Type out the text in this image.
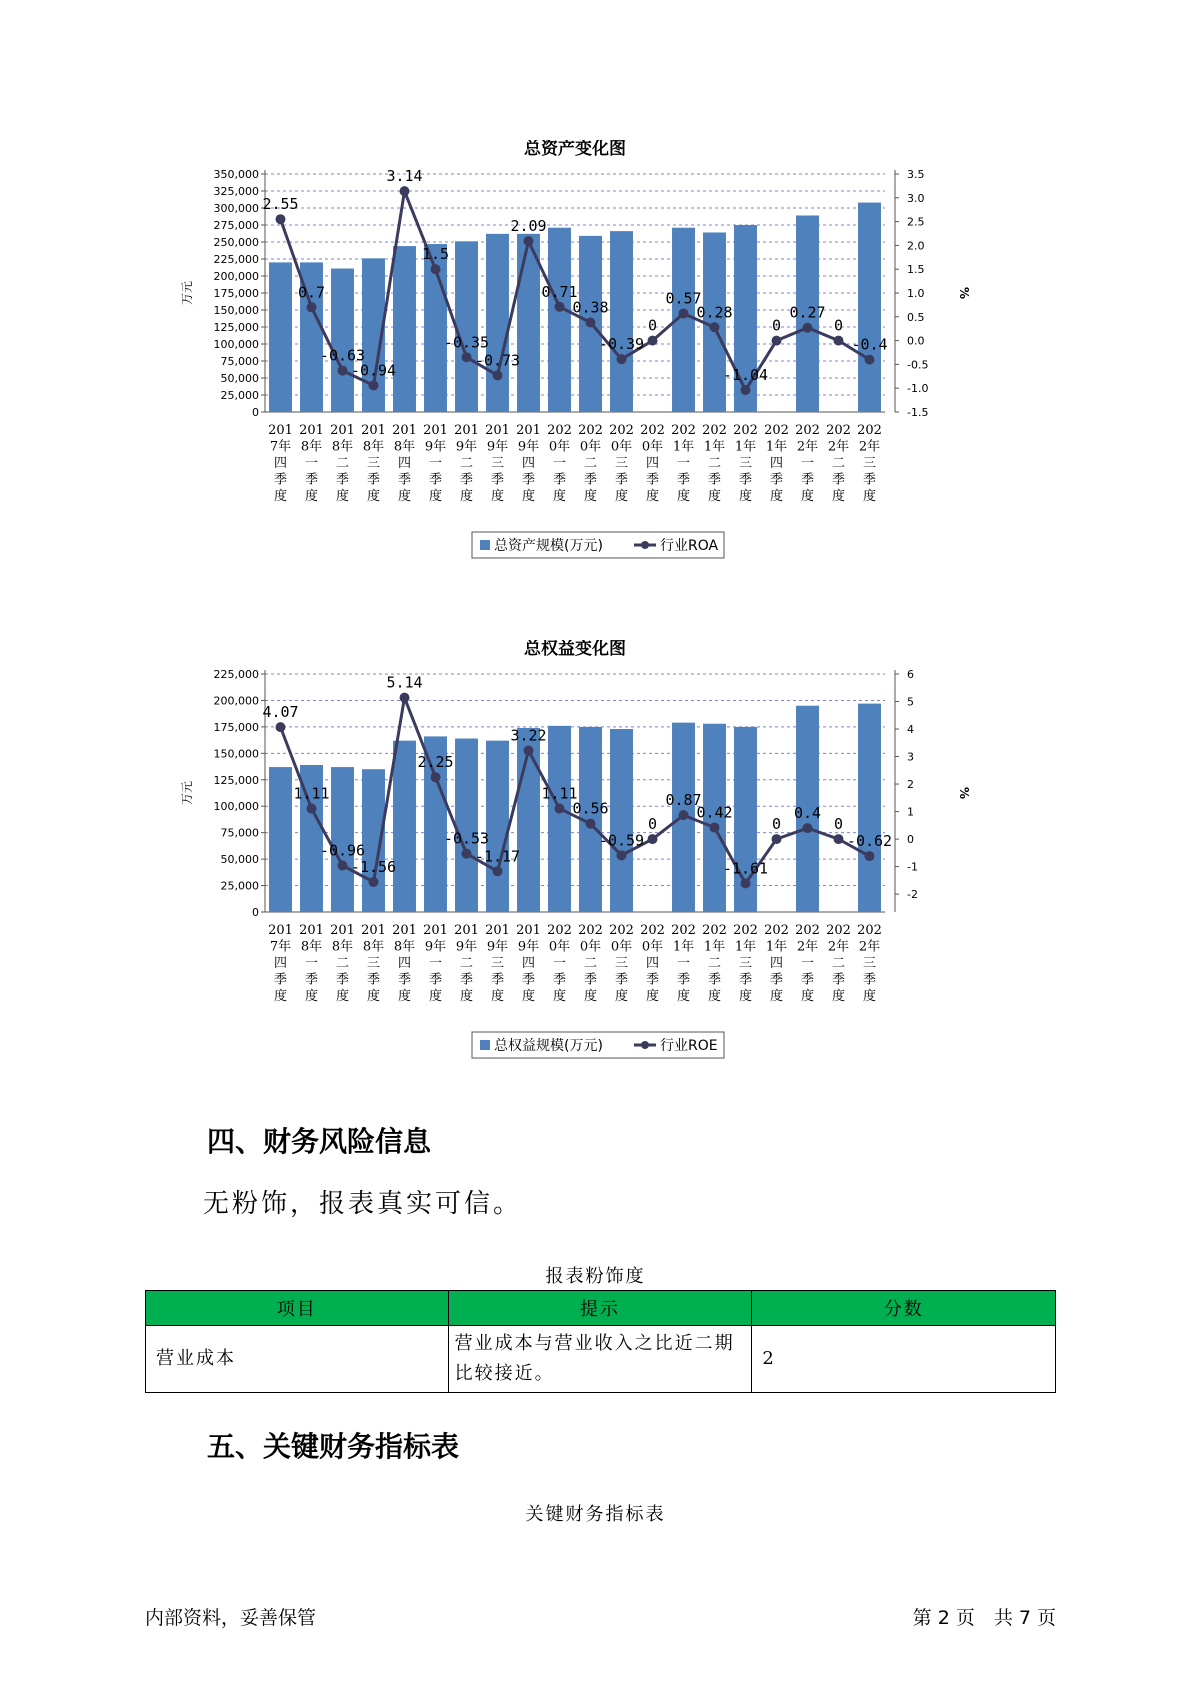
总资产变化图
0
25,000
50,000
75,000
100,000
125,000
150,000
175,000
200,000
225,000
250,000
275,000
300,000
325,000
350,000
-1.5
-1.0
-0.5
0.0
0.5
1.0
1.5
2.0
2.5
3.0
3.5
万元	%
2.55
0.7
-0.63
-0.94
3.14
1.5
-0.35
-0.73
2.09
0.71
0.38
-0.39
0
0.57
0.28
-1.04
0
0.27
0
-0.4
201 7年四季度
201 8年一季度
201 8年二季度
201 8年三季度
201 8年四季度
201 9年一季度
201 9年二季度
201 9年三季度
201 9年四季度
202 0年一季度
202 0年二季度
202 0年三季度
202 0年四季度
202 1年一季度
202 1年二季度
202 1年三季度
202 1年四季度
202 2年一季度
202 2年二季度
202 2年三季度
总资产规模(万元)	行业ROA
总权益变化图
0
25,000
50,000
75,000
100,000
125,000
150,000
175,000
200,000
225,000
-2
-1
0
1
2
3
4
5
6
万元	%
4.07
1.11
-0.96
-1.56
5.14
2.25
-0.53
-1.17
3.22
1.11
0.56
-0.59
0
0.87
0.42
-1.61
0
0.4
0
-0.62
201 7年四季度
201 8年一季度
201 8年二季度
201 8年三季度
201 8年四季度
201 9年一季度
201 9年二季度
201 9年三季度
201 9年四季度
202 0年一季度
202 0年二季度
202 0年三季度
202 0年四季度
202 1年一季度
202 1年二季度
202 1年三季度
202 1年四季度
202 2年一季度
202 2年二季度
202 2年三季度
总权益规模(万元)	行业ROE
四、财务风险信息

无粉饰，报表真实可信。

报表粉饰度

项目	提示	分数
营业成本	营业成本与营业收入之比近二期比较接近。	2
五、关键财务指标表

关键财务指标表

内部资料，妥善保管	第 2 页　共 7 页
